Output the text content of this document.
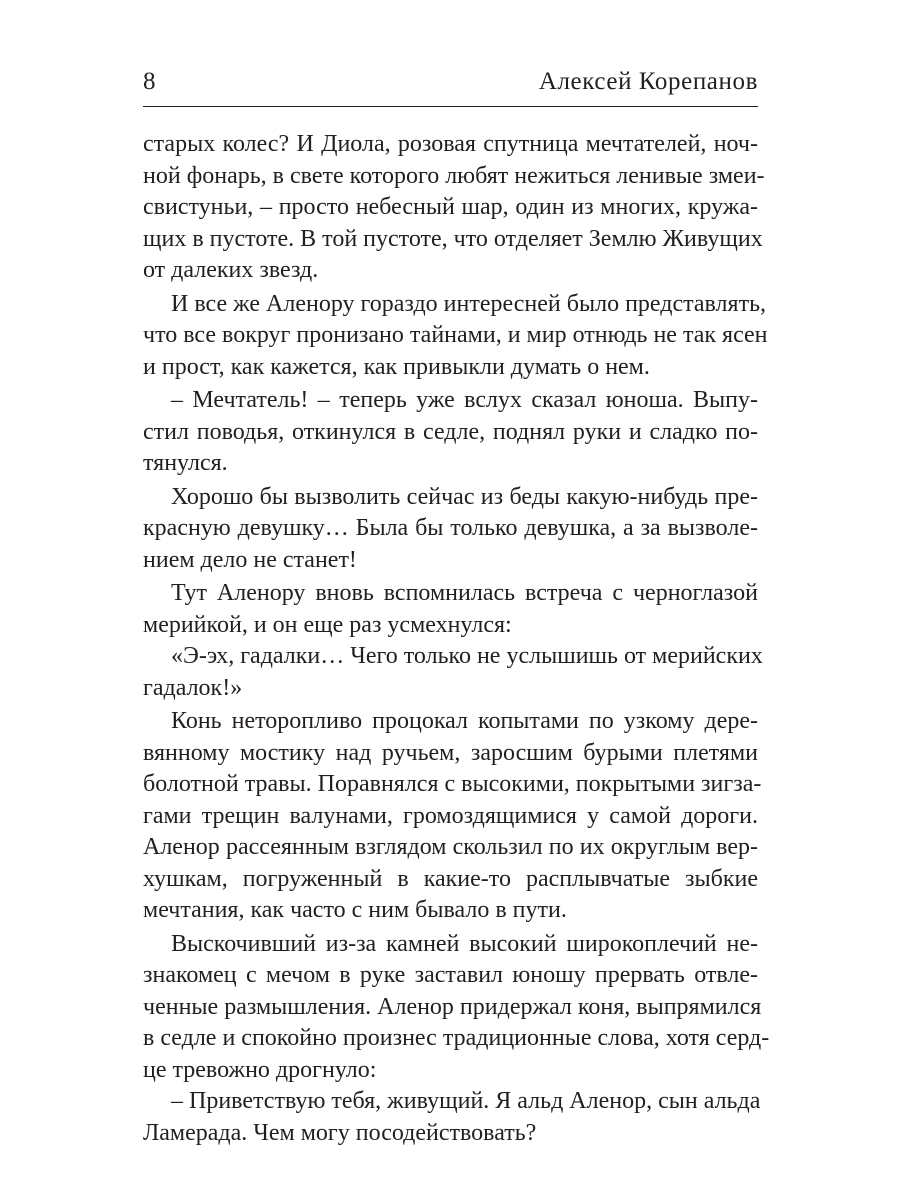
8	Алексей Корепанов
старых колес? И Диола, розовая спутница мечтателей, ноч-
ной фонарь, в свете которого любят нежиться ленивые змеи-
свистуньи, – просто небесный шар, один из многих, кружа-
щих в пустоте. В той пустоте, что отделяет Землю Живущих
от далеких звезд.
И все же Аленору гораздо интересней было представлять,
что все вокруг пронизано тайнами, и мир отнюдь не так ясен
и прост, как кажется, как привыкли думать о нем.
– Мечтатель! – теперь уже вслух сказал юноша. Выпу-
стил поводья, откинулся в седле, поднял руки и сладко по-
тянулся.
Хорошо бы вызволить сейчас из беды какую-нибудь пре-
красную девушку… Была бы только девушка, а за вызволе-
нием дело не станет!
Тут Аленору вновь вспомнилась встреча с черноглазой
мерийкой, и он еще раз усмехнулся:
«Э-эх, гадалки… Чего только не услышишь от мерийских
гадалок!»
Конь неторопливо процокал копытами по узкому дере-
вянному мостику над ручьем, заросшим бурыми плетями
болотной травы. Поравнялся с высокими, покрытыми зигза-
гами трещин валунами, громоздящимися у самой дороги.
Аленор рассеянным взглядом скользил по их округлым вер-
хушкам, погруженный в какие-то расплывчатые зыбкие
мечтания, как часто с ним бывало в пути.
Выскочивший из-за камней высокий широкоплечий не-
знакомец с мечом в руке заставил юношу прервать отвле-
ченные размышления. Аленор придержал коня, выпрямился
в седле и спокойно произнес традиционные слова, хотя серд-
це тревожно дрогнуло:
– Приветствую тебя, живущий. Я альд Аленор, сын альда
Ламерада. Чем могу посодействовать?
